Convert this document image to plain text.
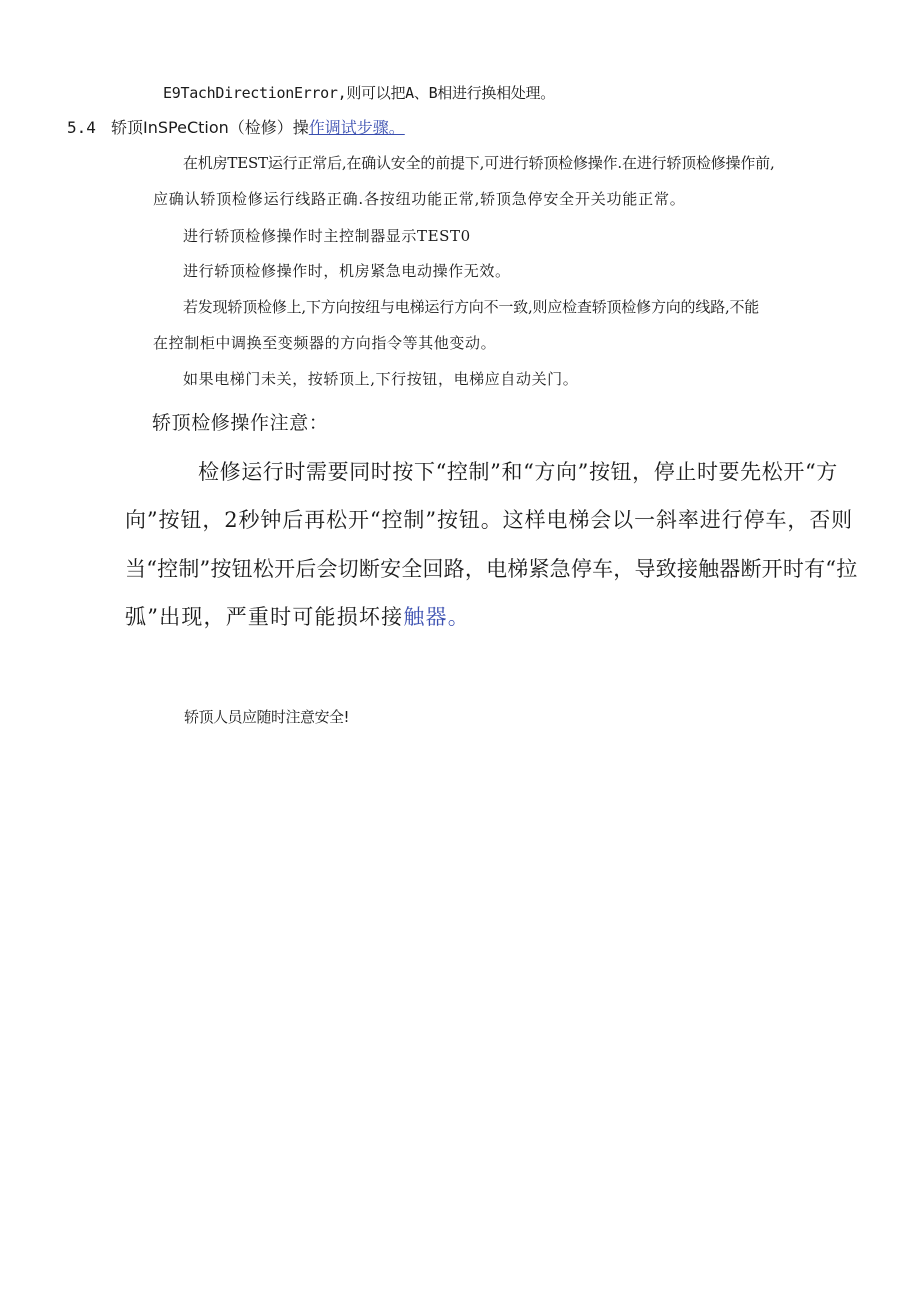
E9TachDirectionError,则可以把A、B相进行换相处理。
5.4 轿顶InSPeCtion（检修）操作调试步骤。
在机房TEST运行正常后,在确认安全的前提下,可进行轿顶检修操作.在进行轿顶检修操作前,
应确认轿顶检修运行线路正确.各按纽功能正常,轿顶急停安全开关功能正常。
进行轿顶检修操作时主控制器显示TEST0
进行轿顶检修操作时，机房紧急电动操作无效。
若发现轿顶检修上,下方向按纽与电梯运行方向不一致,则应检查轿顶检修方向的线路,不能
在控制柜中调换至变频器的方向指令等其他变动。
如果电梯门未关，按轿顶上,下行按钮，电梯应自动关门。
轿顶检修操作注意：
检修运行时需要同时按下“控制”和“方向”按钮，停止时要先松开“方
向”按钮，2秒钟后再松开“控制”按钮。这样电梯会以一斜率进行停车，否则
当“控制”按钮松开后会切断安全回路，电梯紧急停车，导致接触器断开时有“拉
弧”出现，严重时可能损坏接触器。
轿顶人员应随时注意安全!
